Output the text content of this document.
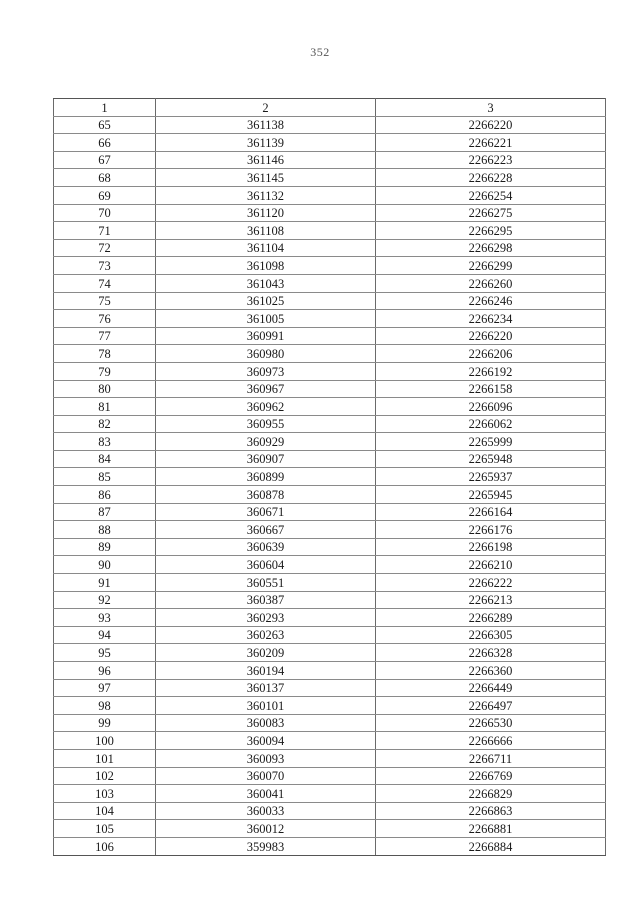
352
1	2	3
65	361138	2266220
66	361139	2266221
67	361146	2266223
68	361145	2266228
69	361132	2266254
70	361120	2266275
71	361108	2266295
72	361104	2266298
73	361098	2266299
74	361043	2266260
75	361025	2266246
76	361005	2266234
77	360991	2266220
78	360980	2266206
79	360973	2266192
80	360967	2266158
81	360962	2266096
82	360955	2266062
83	360929	2265999
84	360907	2265948
85	360899	2265937
86	360878	2265945
87	360671	2266164
88	360667	2266176
89	360639	2266198
90	360604	2266210
91	360551	2266222
92	360387	2266213
93	360293	2266289
94	360263	2266305
95	360209	2266328
96	360194	2266360
97	360137	2266449
98	360101	2266497
99	360083	2266530
100	360094	2266666
101	360093	2266711
102	360070	2266769
103	360041	2266829
104	360033	2266863
105	360012	2266881
106	359983	2266884
